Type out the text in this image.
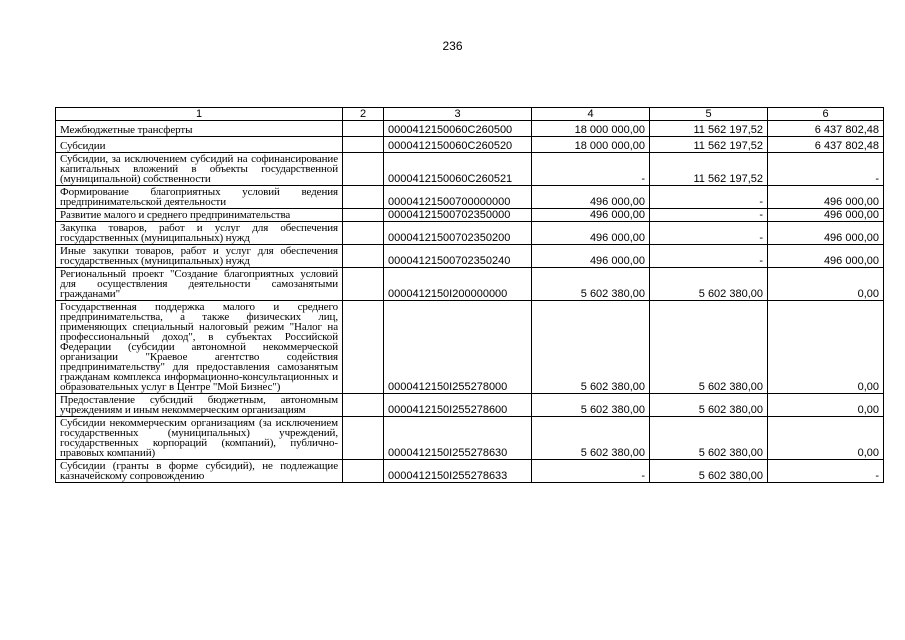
236
1	2	3	4	5	6
Межбюджетные трансферты		0000412150060С260500	18 000 000,00	11 562 197,52	6 437 802,48
Субсидии		0000412150060С260520	18 000 000,00	11 562 197,52	6 437 802,48
Субсидии, за исключением субсидий на софинансирование капитальных вложений в объекты государственной (муниципальной) собственности		0000412150060С260521	-	11 562 197,52	-
Формирование благоприятных условий ведения предпринимательской деятельности		00004121500700000000	496 000,00	-	496 000,00
Развитие малого и среднего предпринимательства		00004121500702350000	496 000,00	-	496 000,00
Закупка товаров, работ и услуг для обеспечения государственных (муниципальных) нужд		00004121500702350200	496 000,00	-	496 000,00
Иные закупки товаров, работ и услуг для обеспечения государственных (муниципальных) нужд		00004121500702350240	496 000,00	-	496 000,00
Региональный проект "Создание благоприятных условий для осуществления деятельности самозанятыми гражданами"		0000412150I200000000	5 602 380,00	5 602 380,00	0,00
Государственная поддержка малого и среднего предпринимательства, а также физических лиц, применяющих специальный налоговый режим "Налог на профессиональный доход", в субъектах Российской Федерации (субсидии автономной некоммерческой организации "Краевое агентство содействия предпринимательству" для предоставления самозанятым гражданам комплекса информационно-консультационных и образовательных услуг в Центре "Мой Бизнес")		0000412150I255278000	5 602 380,00	5 602 380,00	0,00
Предоставление субсидий бюджетным, автономным учреждениям и иным некоммерческим организациям		0000412150I255278600	5 602 380,00	5 602 380,00	0,00
Субсидии некоммерческим организациям (за исключением государственных (муниципальных) учреждений, государственных корпораций (компаний), публично-правовых компаний)		0000412150I255278630	5 602 380,00	5 602 380,00	0,00
Субсидии (гранты в форме субсидий), не подлежащие казначейскому сопровождению		0000412150I255278633	-	5 602 380,00	-
